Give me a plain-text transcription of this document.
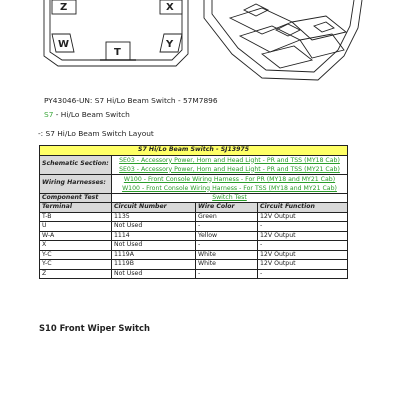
Z	X
W
T
Y
PY43046-UN: S7 Hi/Lo Beam Switch - 57M7896
S7 - Hi/Lo Beam Switch
-: S7 Hi/Lo Beam Switch Layout
S7 Hi/Lo Beam Switch - SJ13975			
Schematic Section:	SE03 - Accessory Power, Horn and Head Light - PR and TSS (MY18 Cab)
SE03 - Accessory Power, Horn and Head Light - PR and TSS (MY21 Cab)		

Wiring Harnesses:	W100 - Front Console Wiring Harness - For PR (MY18 and MY21 Cab)
W100 - Front Console Wiring Harness - For TSS (MY18 and MY21 Cab)		

Component Test	Switch Test		
Terminal	Circuit Number	Wire Color	Circuit Function
T-B	1135	Green	12V Output
U	Not Used	-	-
W-A	1114	Yellow	12V Output
X	Not Used	-	-
Y-C	1119A	White	12V Output
Y-C	1119B	White	12V Output
Z	Not Used	-	-
S10 Front Wiper Switch
